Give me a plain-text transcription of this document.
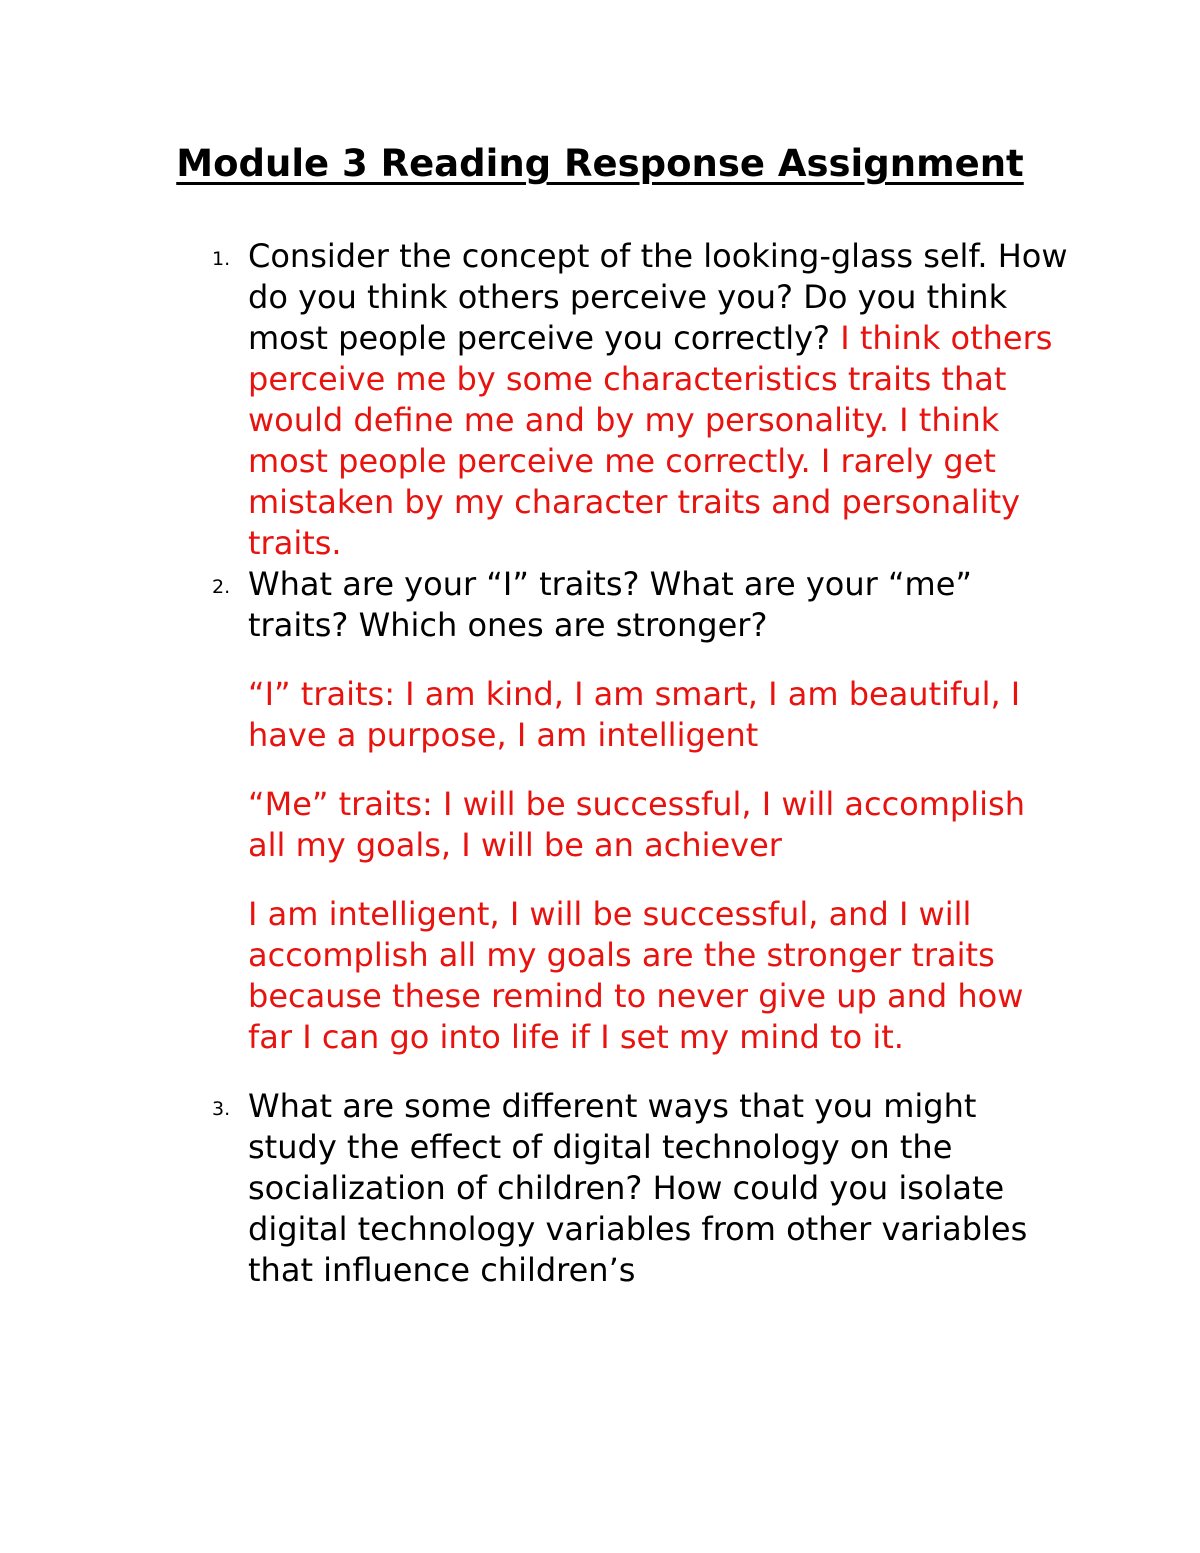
Module 3 Reading Response Assignment
1. Consider the concept of the looking-glass self. How do you think others perceive you? Do you think most people perceive you correctly? I think others perceive me by some characteristics traits that would define me and by my personality. I think most people perceive me correctly. I rarely get mistaken by my character traits and personality traits.

2. What are your “I” traits? What are your “me” traits? Which ones are stronger?

“I” traits: I am kind, I am smart, I am beautiful, I have a purpose, I am intelligent

“Me” traits: I will be successful, I will accomplish all my goals, I will be an achiever

I am intelligent, I will be successful, and I will accomplish all my goals are the stronger traits because these remind to never give up and how far I can go into life if I set my mind to it.

3. What are some different ways that you might study the effect of digital technology on the socialization of children? How could you isolate digital technology variables from other variables that influence children’s
